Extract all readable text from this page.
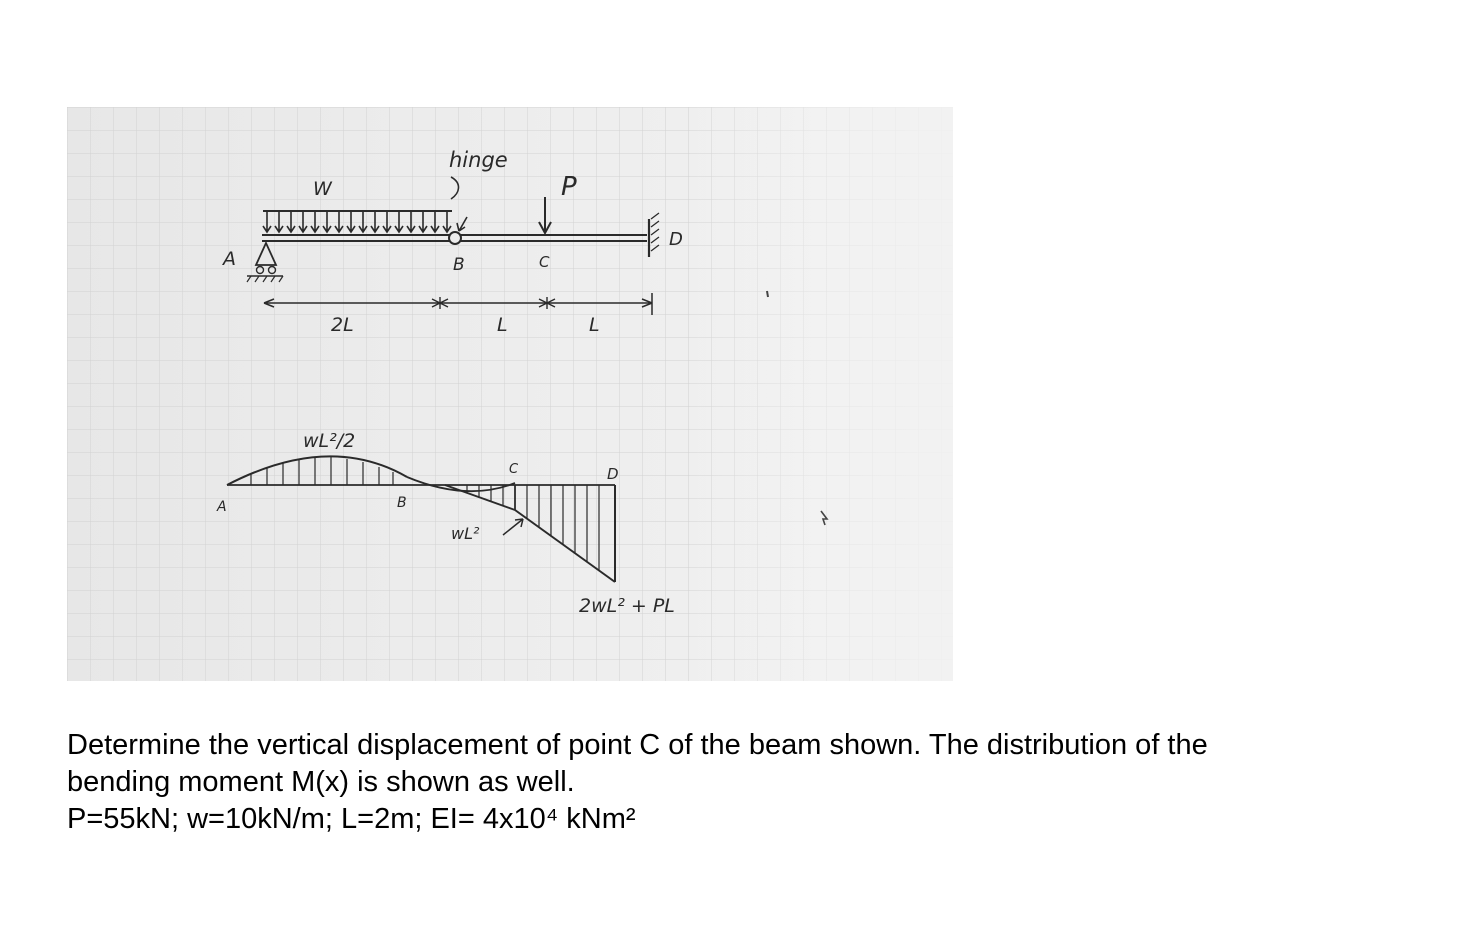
hinge
W	P
A	B	C
D
2L	L	L
A	B
C	D
wL²/2
wL²
2wL² + PL

Determine the vertical displacement of point C of the beam shown. The distribution of the

bending moment M(x) is shown as well.

P=55kN; w=10kN/m; L=2m; EI= 4x10⁴ kNm²
